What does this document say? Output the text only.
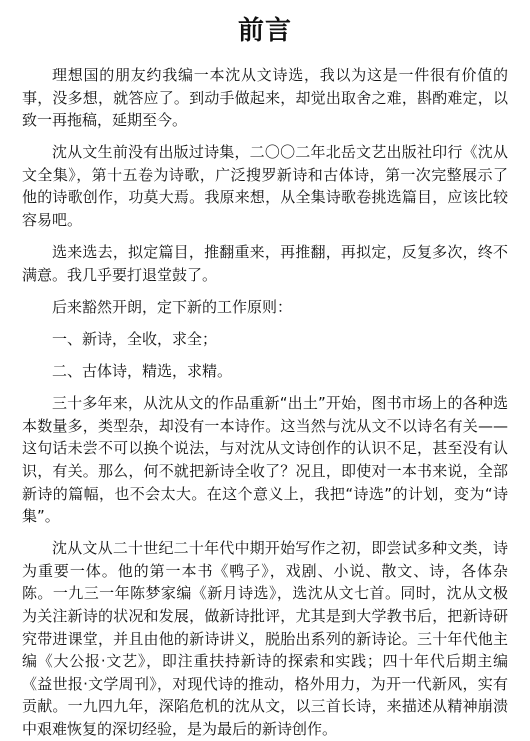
前言

理想国的朋友约我编一本沈从文诗选，我以为这是一件很有价值的事，没多想，就答应了。到动手做起来，却觉出取舍之难，斟酌难定，以致一再拖稿，延期至今。

沈从文生前没有出版过诗集，二〇〇二年北岳文艺出版社印行《沈从文全集》，第十五卷为诗歌，广泛搜罗新诗和古体诗，第一次完整展示了他的诗歌创作，功莫大焉。我原来想，从全集诗歌卷挑选篇目，应该比较容易吧。

选来选去，拟定篇目，推翻重来，再推翻，再拟定，反复多次，终不满意。我几乎要打退堂鼓了。

后来豁然开朗，定下新的工作原则：

一、新诗，全收，求全；

二、古体诗，精选，求精。

三十多年来，从沈从文的作品重新“出土”开始，图书市场上的各种选本数量多，类型杂，却没有一本诗作。这当然与沈从文不以诗名有关——这句话未尝不可以换个说法，与对沈从文诗创作的认识不足，甚至没有认识，有关。那么，何不就把新诗全收了？况且，即使对一本书来说，全部新诗的篇幅，也不会太大。在这个意义上，我把“诗选”的计划，变为“诗集”。

沈从文从二十世纪二十年代中期开始写作之初，即尝试多种文类，诗为重要一体。他的第一本书《鸭子》，戏剧、小说、散文、诗，各体杂陈。一九三一年陈梦家编《新月诗选》，选沈从文七首。同时，沈从文极为关注新诗的状况和发展，做新诗批评，尤其是到大学教书后，把新诗研究带进课堂，并且由他的新诗讲义，脱胎出系列的新诗论。三十年代他主编《大公报·文艺》，即注重扶持新诗的探索和实践；四十年代后期主编《益世报·文学周刊》，对现代诗的推动，格外用力，为开一代新风，实有贡献。一九四九年，深陷危机的沈从文，以三首长诗，来描述从精神崩溃中艰难恢复的深切经验，是为最后的新诗创作。
